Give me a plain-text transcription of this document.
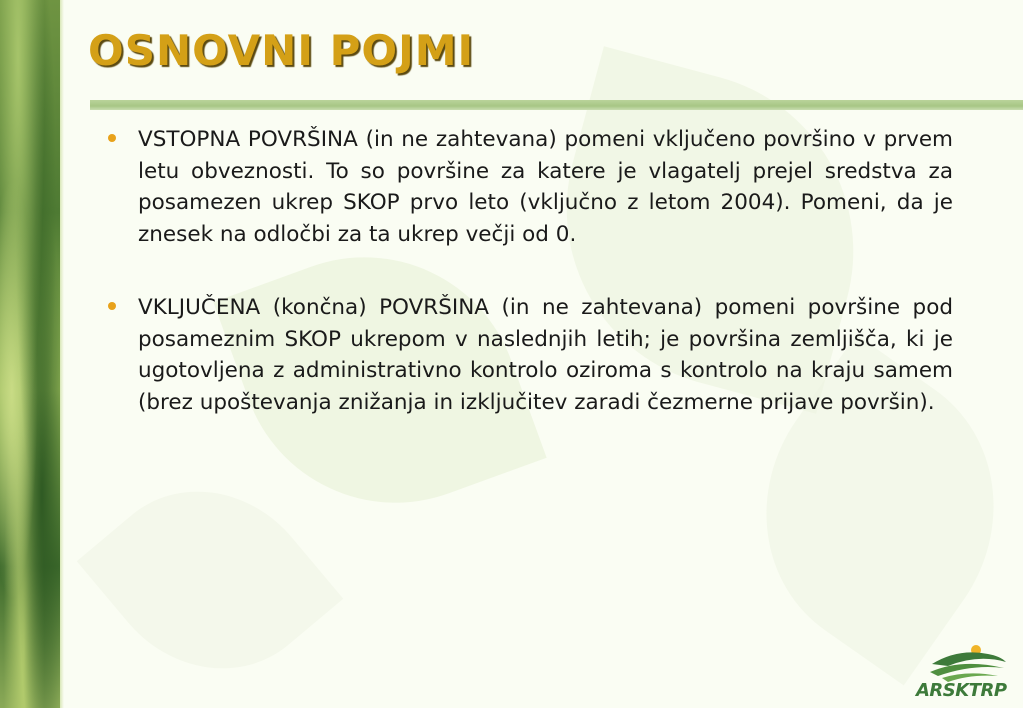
OSNOVNI POJMI

VSTOPNA POVRŠINA (in ne zahtevana) pomeni vključeno površino v prvem letu obveznosti. To so površine za katere je vlagatelj prejel sredstva za posamezen ukrep SKOP prvo leto (vključno z letom 2004). Pomeni, da je znesek na odločbi za ta ukrep večji od 0.

VKLJUČENA (končna) POVRŠINA (in ne zahtevana) pomeni površine pod posameznim SKOP ukrepom v naslednjih letih; je površina zemljišča, ki je ugotovljena z administrativno kontrolo oziroma s kontrolo na kraju samem (brez upoštevanja znižanja in izključitev zaradi čezmerne prijave površin).

ARSKTRP
